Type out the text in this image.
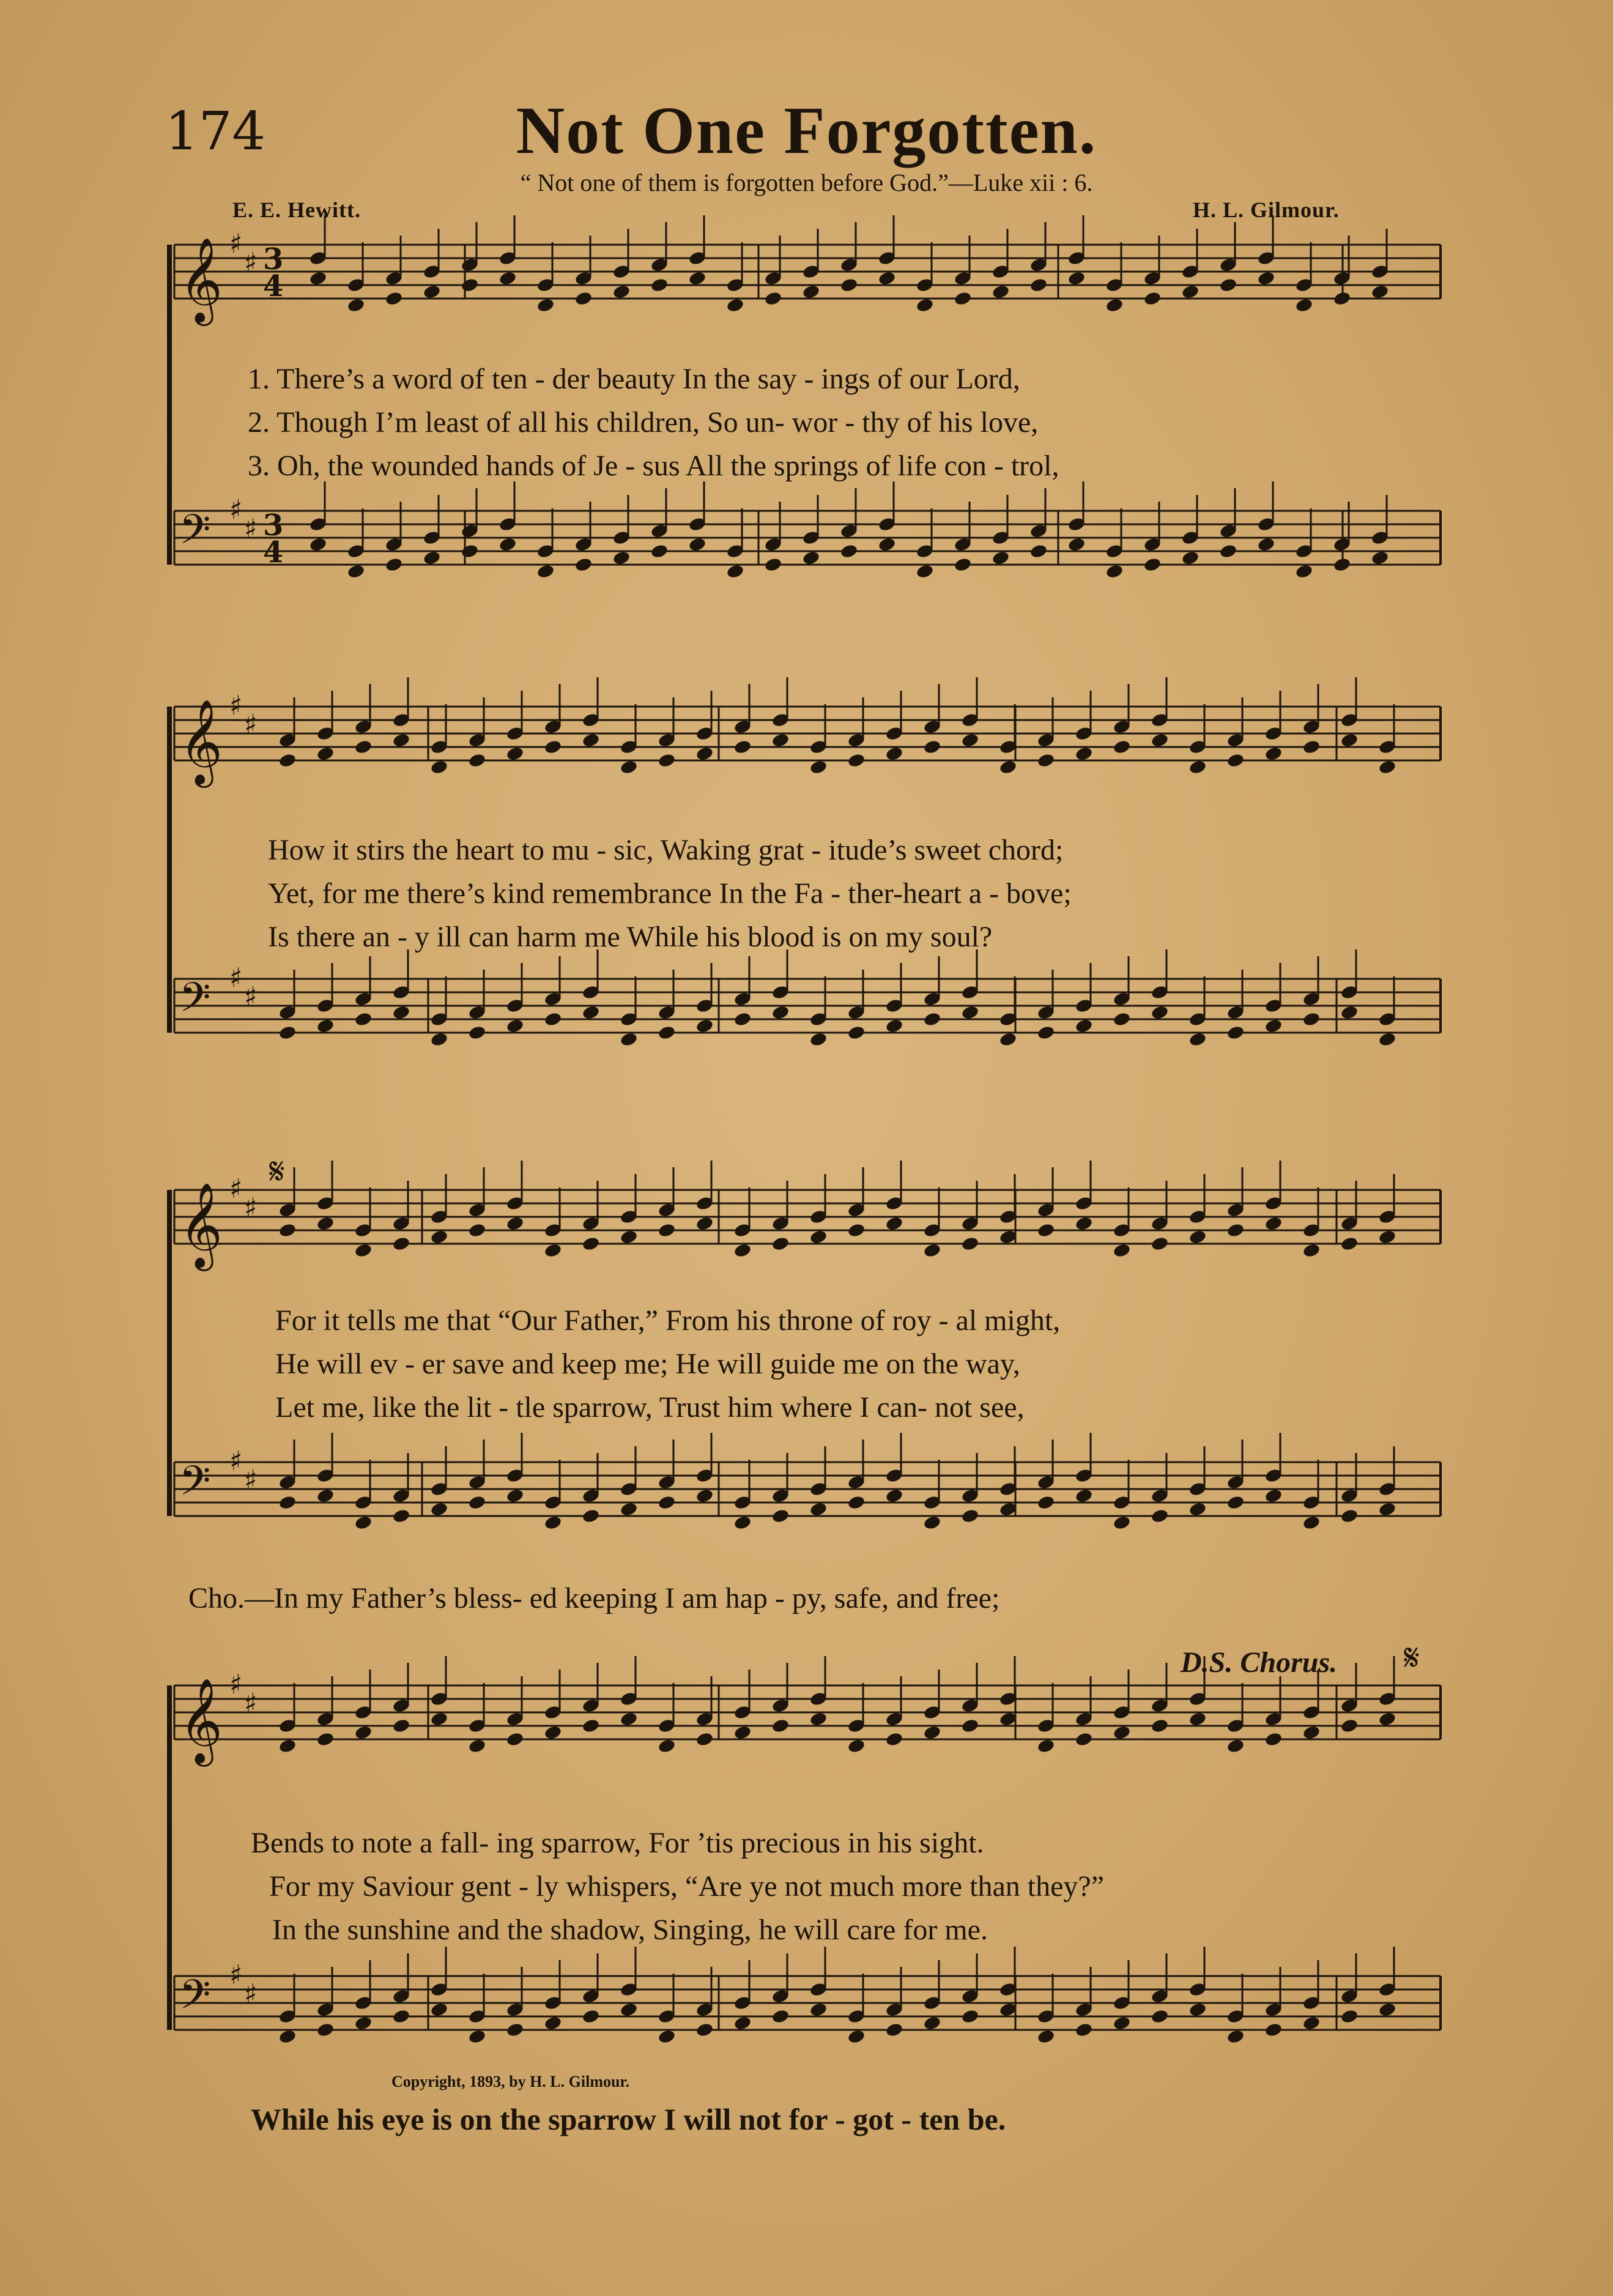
174	Not One Forgotten.
“ Not one of them is forgotten before God.”—Luke xii : 6.
E. E. Hewitt.	H. L. Gilmour.
𝄞 ♯
♯
𝄢 ♯
♯
3
4
3
4
𝄞 ♯
♯
𝄢 ♯
♯
𝄞 ♯
♯
𝄢 ♯
♯
𝄞 ♯
♯
𝄢 ♯
♯
𝄋
𝄋
1. There’s a word of ten - der beauty In the say - ings of our Lord,
2. Though I’m least of all his children, So un- wor - thy of his love,
3. Oh, the wounded hands of Je - sus All the springs of life con - trol,
How it stirs the heart to mu - sic, Waking grat - itude’s sweet chord;
Yet, for me there’s kind remembrance In the Fa - ther-heart a - bove;
Is there an - y ill can harm me While his blood is on my soul?
For it tells me that “Our Father,” From his throne of roy - al might,
He will ev - er save and keep me; He will guide me on the way,
Let me, like the lit - tle sparrow, Trust him where I can- not see,
Cho.—In my Father’s bless- ed keeping I am hap - py, safe, and free;
D.S. Chorus.
Bends to note a fall- ing sparrow, For ’tis precious in his sight.
For my Saviour gent - ly whispers, “Are ye not much more than they?”
In the sunshine and the shadow, Singing, he will care for me.
Copyright, 1893, by H. L. Gilmour.
While his eye is on the sparrow I will not for - got - ten be.
